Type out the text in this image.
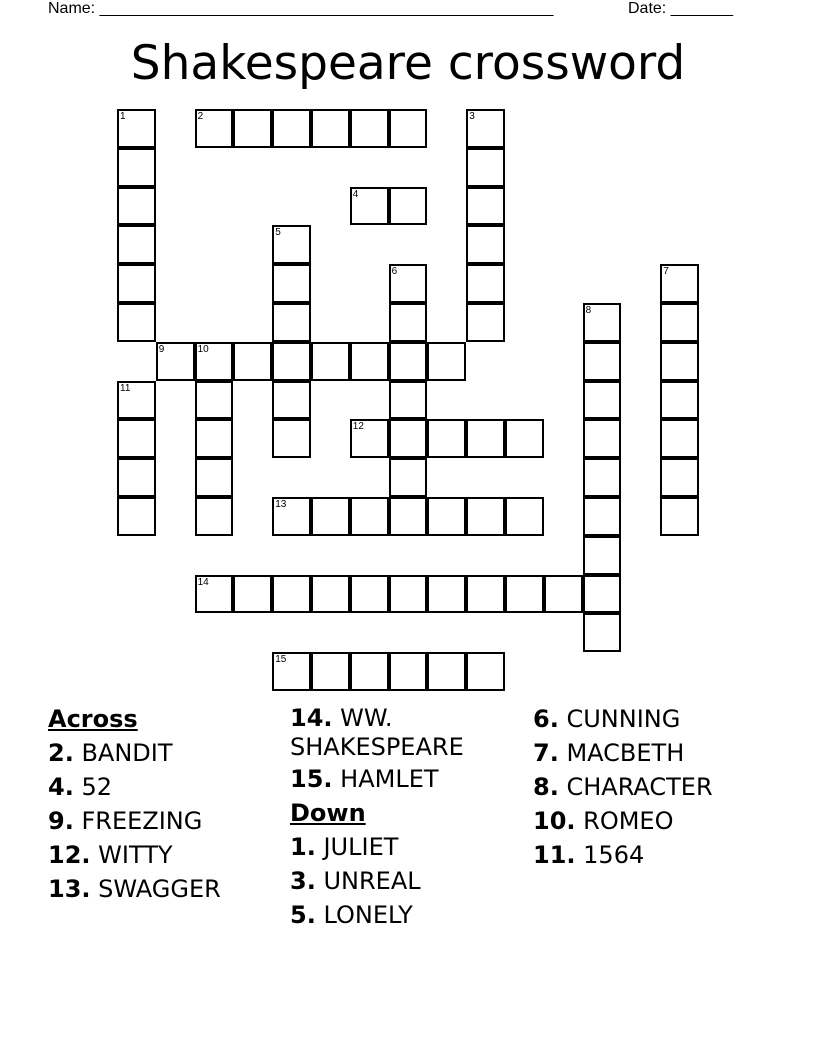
Name: ___________________________________________________	Date: _______
Shakespeare crossword
1	2	3
4
5
6	7
8
9	10
11
12
13
14
15
Across
2. BANDIT
4. 52
9. FREEZING
12. WITTY
13. SWAGGER
14. WW.
SHAKESPEARE
15. HAMLET
Down
1. JULIET
3. UNREAL
5. LONELY
6. CUNNING
7. MACBETH
8. CHARACTER
10. ROMEO
11. 1564
